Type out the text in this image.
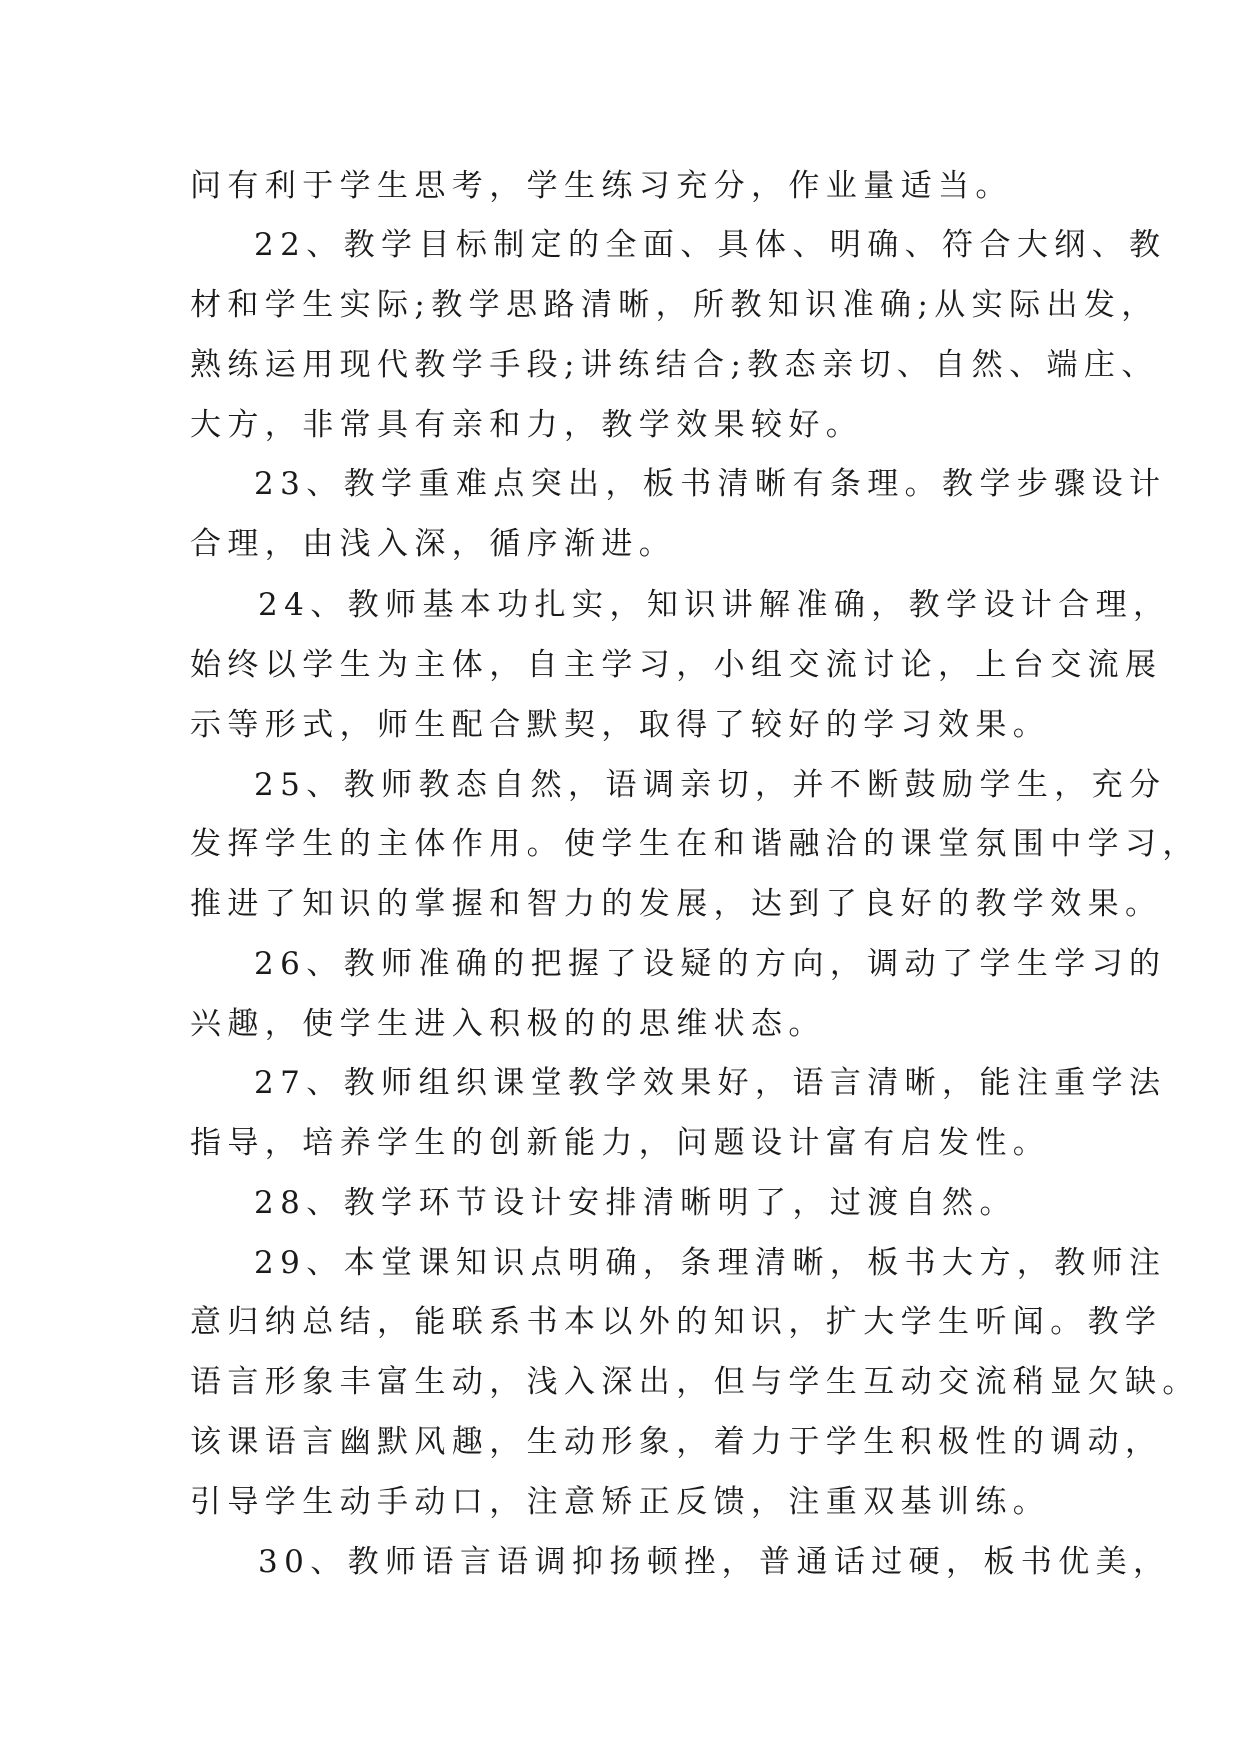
问有利于学生思考，学生练习充分，作业量适当。
22、教学目标制定的全面、具体、明确、符合大纲、教
材和学生实际;教学思路清晰，所教知识准确;从实际出发，
熟练运用现代教学手段;讲练结合;教态亲切、自然、端庄、
大方，非常具有亲和力，教学效果较好。
23、教学重难点突出，板书清晰有条理。教学步骤设计
合理，由浅入深，循序渐进。
24、教师基本功扎实，知识讲解准确，教学设计合理，
始终以学生为主体，自主学习，小组交流讨论，上台交流展
示等形式，师生配合默契，取得了较好的学习效果。
25、教师教态自然，语调亲切，并不断鼓励学生，充分
发挥学生的主体作用。使学生在和谐融洽的课堂氛围中学习，
推进了知识的掌握和智力的发展，达到了良好的教学效果。
26、教师准确的把握了设疑的方向，调动了学生学习的
兴趣，使学生进入积极的的思维状态。
27、教师组织课堂教学效果好，语言清晰，能注重学法
指导，培养学生的创新能力，问题设计富有启发性。
28、教学环节设计安排清晰明了，过渡自然。
29、本堂课知识点明确，条理清晰，板书大方，教师注
意归纳总结，能联系书本以外的知识，扩大学生听闻。教学
语言形象丰富生动，浅入深出，但与学生互动交流稍显欠缺。
该课语言幽默风趣，生动形象，着力于学生积极性的调动，
引导学生动手动口，注意矫正反馈，注重双基训练。
30、教师语言语调抑扬顿挫，普通话过硬，板书优美，
